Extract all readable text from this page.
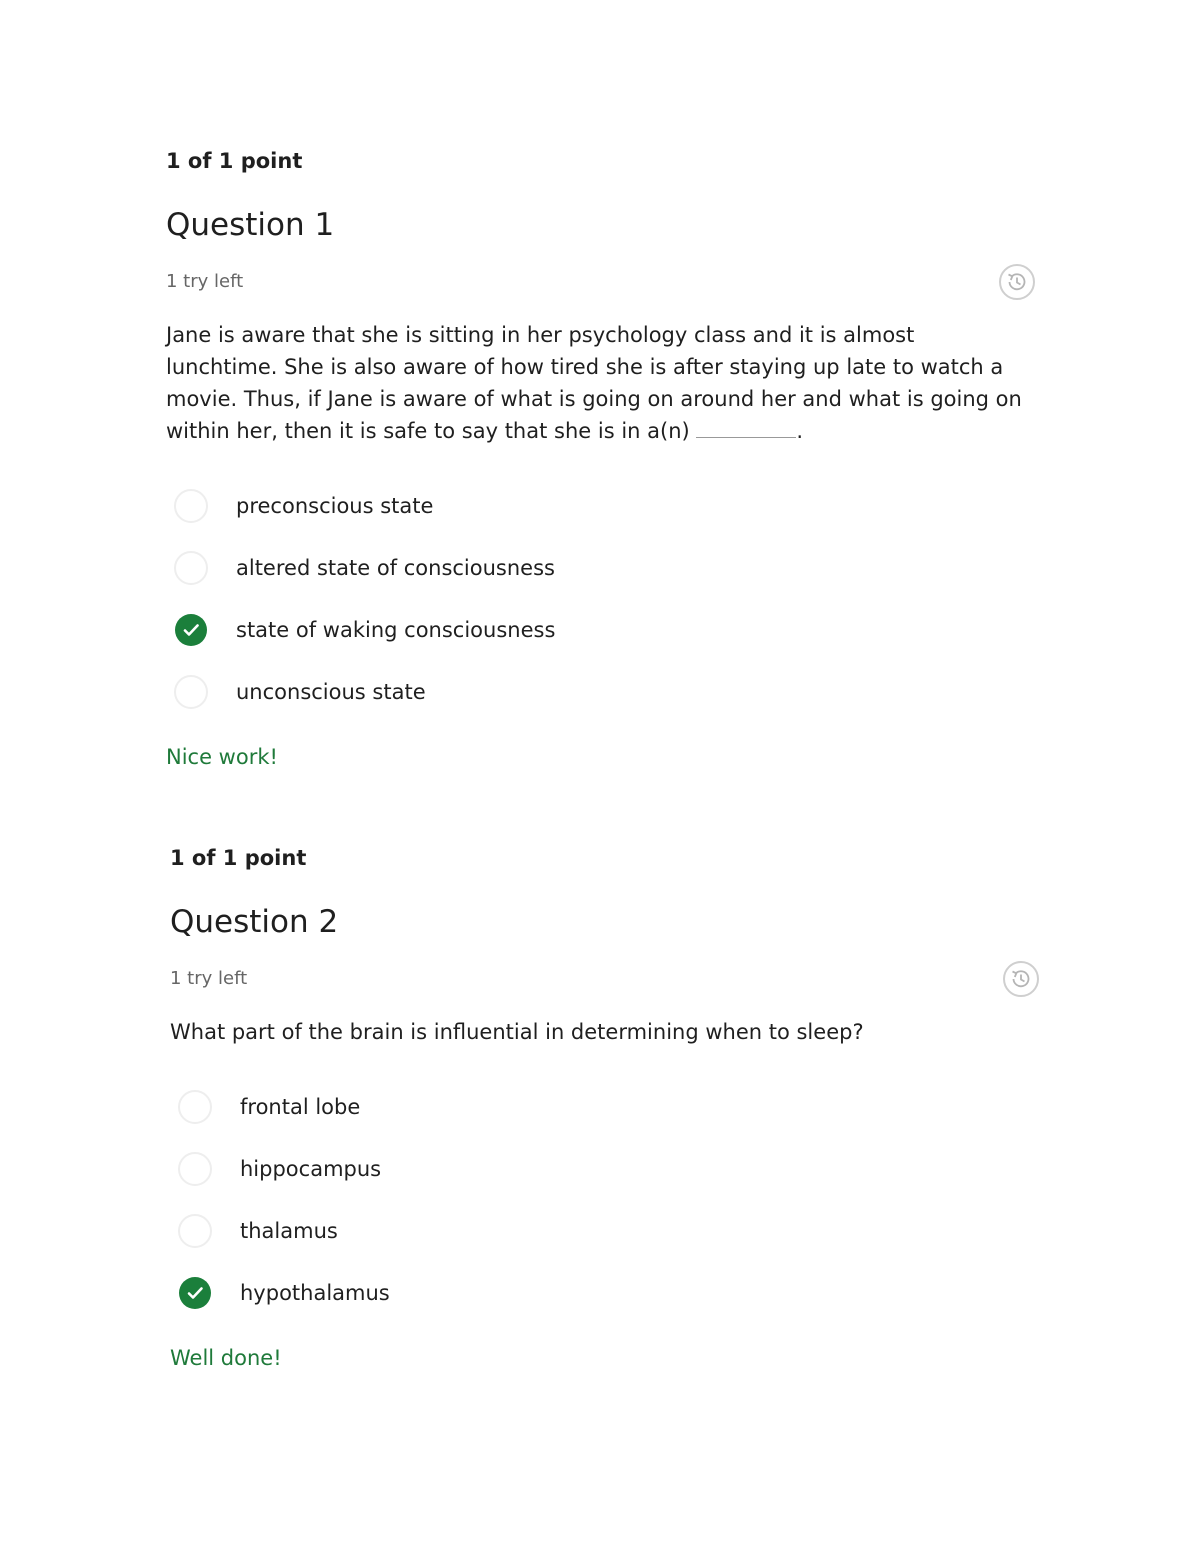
1 of 1 point
Question 1
1 try left
Jane is aware that she is sitting in her psychology class and it is almost lunchtime. She is also aware of how tired she is after staying up late to watch a movie. Thus, if Jane is aware of what is going on around her and what is going on within her, then it is safe to say that she is in a(n)	.
preconscious state
altered state of consciousness
state of waking consciousness
unconscious state
Nice work!
1 of 1 point
Question 2
1 try left
What part of the brain is influential in determining when to sleep?
frontal lobe
hippocampus
thalamus
hypothalamus
Well done!
